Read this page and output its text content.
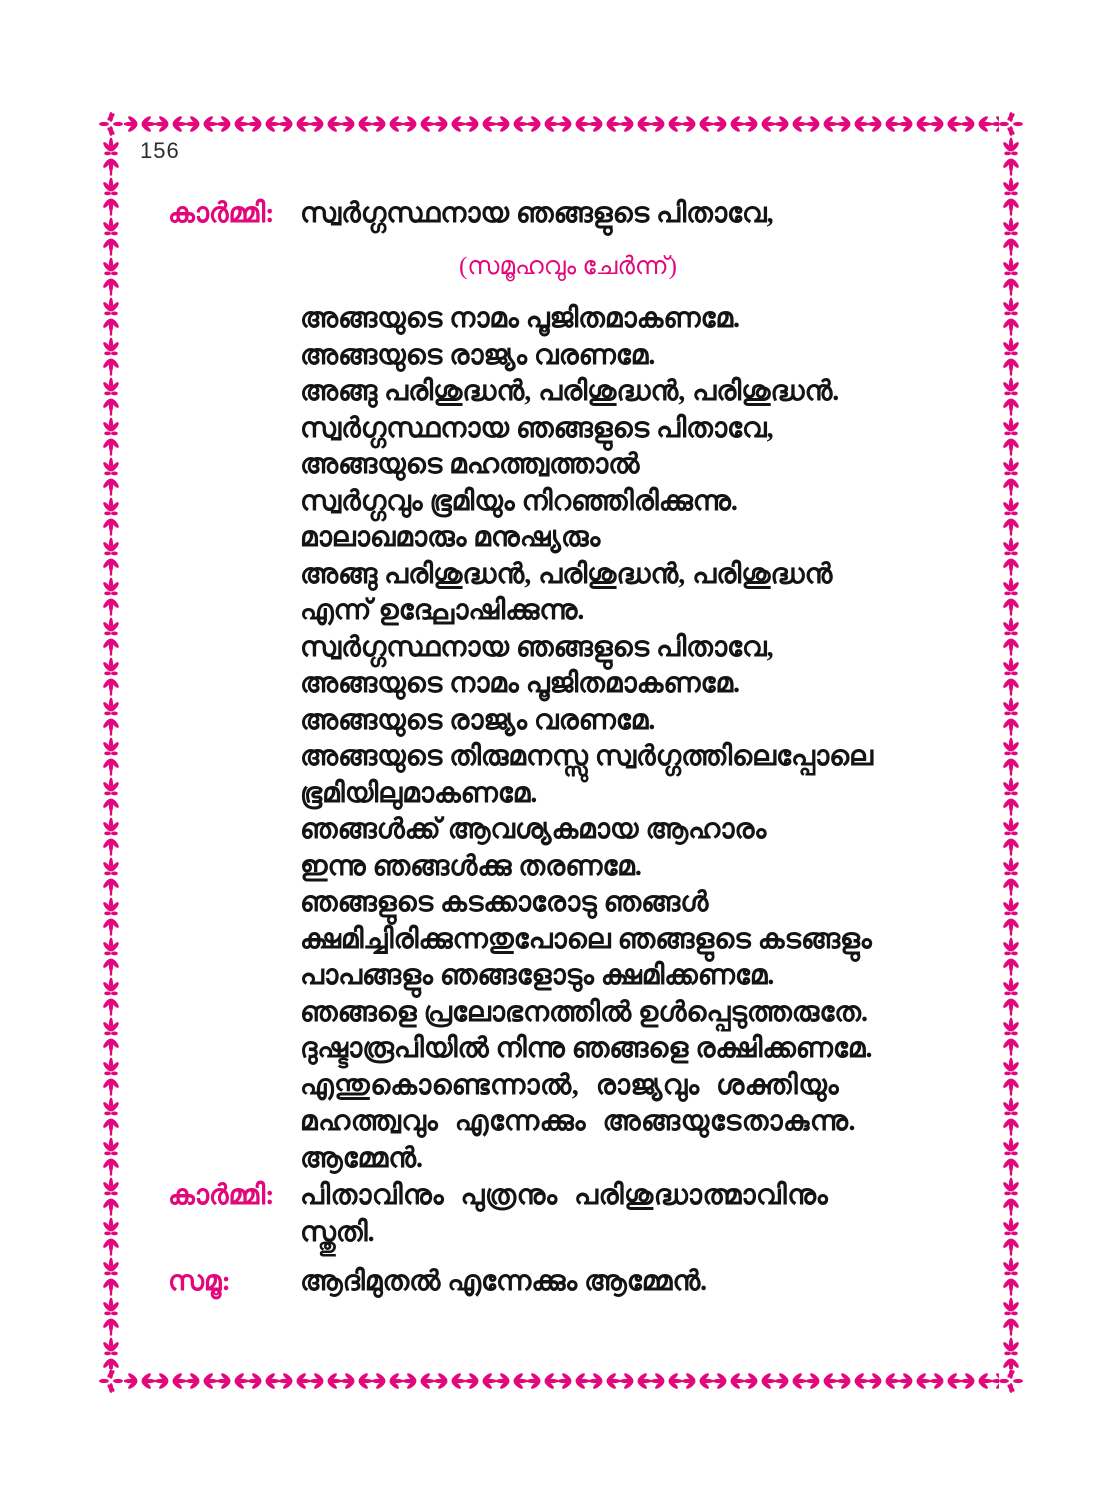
156
കാർമ്മി: സ്വർഗ്ഗസ്ഥനായ ഞങ്ങളുടെ പിതാവേ,
(സമൂഹവും ചേർന്ന്)
അങ്ങയുടെ നാമം പൂജിതമാകണമേ.
അങ്ങയുടെ രാജ്യം വരണമേ.
അങ്ങു പരിശുദ്ധൻ, പരിശുദ്ധൻ, പരിശുദ്ധൻ.
സ്വർഗ്ഗസ്ഥനായ ഞങ്ങളുടെ പിതാവേ,
അങ്ങയുടെ മഹത്ത്വത്താൽ
സ്വർഗ്ഗവും ഭൂമിയും നിറഞ്ഞിരിക്കുന്നു.
മാലാഖമാരും മനുഷ്യരും
അങ്ങു പരിശുദ്ധൻ, പരിശുദ്ധൻ, പരിശുദ്ധൻ
എന്ന് ഉദ്ഘോഷിക്കുന്നു.
സ്വർഗ്ഗസ്ഥനായ ഞങ്ങളുടെ പിതാവേ,
അങ്ങയുടെ നാമം പൂജിതമാകണമേ.
അങ്ങയുടെ രാജ്യം വരണമേ.
അങ്ങയുടെ തിരുമനസ്സു സ്വർഗ്ഗത്തിലെപ്പോലെ
ഭൂമിയിലുമാകണമേ.
ഞങ്ങൾക്ക് ആവശ്യകമായ ആഹാരം
ഇന്നു ഞങ്ങൾക്കു തരണമേ.
ഞങ്ങളുടെ കടക്കാരോടു ഞങ്ങൾ
ക്ഷമിച്ചിരിക്കുന്നതുപോലെ ഞങ്ങളുടെ കടങ്ങളും
പാപങ്ങളും ഞങ്ങളോടും ക്ഷമിക്കണമേ.
ഞങ്ങളെ പ്രലോഭനത്തിൽ ഉൾപ്പെടുത്തരുതേ.
ദുഷ്ടാരൂപിയിൽ നിന്നു ഞങ്ങളെ രക്ഷിക്കണമേ.
എന്തുകൊണ്ടെന്നാൽ, രാജ്യവും ശക്തിയും
മഹത്ത്വവും എന്നേക്കും അങ്ങയുടേതാകുന്നു.
ആമ്മേൻ.
കാർമ്മി: പിതാവിനും പുത്രനും പരിശുദ്ധാത്മാവിനും
സ്തുതി.
സമൂ:	ആദിമുതൽ എന്നേക്കും ആമ്മേൻ.
